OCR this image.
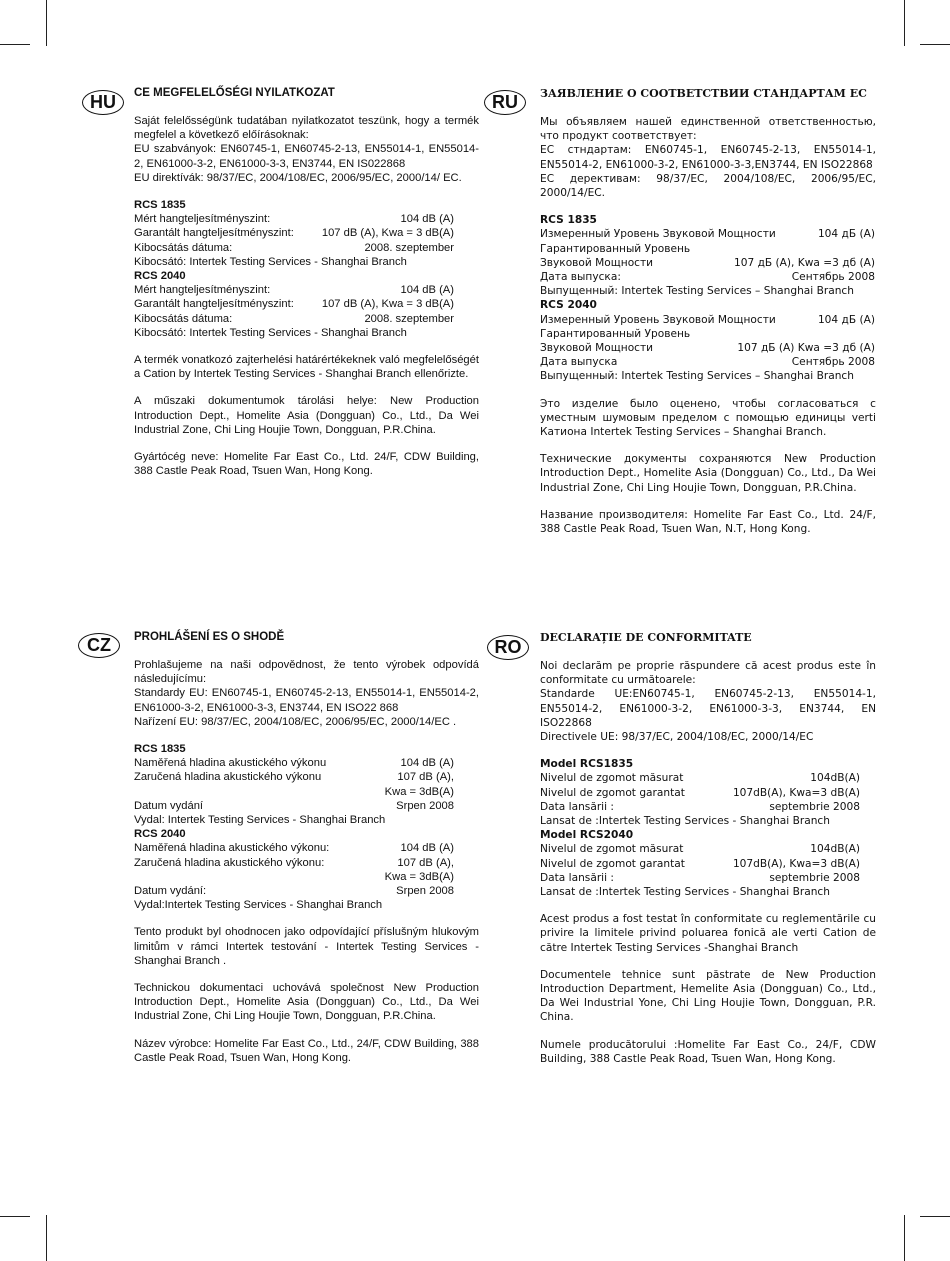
HU	RU
CZ	RO
CE MEGFELELŐSÉGI NYILATKOZAT
Saját felelősségünk tudatában nyilatkozatot teszünk, hogy a termék megfelel a következő előírásoknak:
EU szabványok: EN60745-1, EN60745-2-13, EN55014-1, EN55014-2, EN61000-3-2, EN61000-3-3, EN3744, EN IS022868
EU direktívák: 98/37/EC, 2004/108/EC, 2006/95/EC, 2000/14/ EC.
RCS 1835
Mért hangteljesítményszint:	104 dB (A)
Garantált hangteljesítményszint:	107 dB (A), Kwa = 3 dB(A)
Kibocsátás dátuma:	2008. szeptember
Kibocsátó: Intertek Testing Services - Shanghai Branch
RCS 2040
Mért hangteljesítményszint:	104 dB (A)
Garantált hangteljesítményszint:	107 dB (A), Kwa = 3 dB(A)
Kibocsátás dátuma:	2008. szeptember
Kibocsátó: Intertek Testing Services - Shanghai Branch
A termék vonatkozó zajterhelési határértékeknek való megfelelőségét a Cation by Intertek Testing Services - Shanghai Branch ellenőrizte.
A műszaki dokumentumok tárolási helye: New Production Introduction Dept., Homelite Asia (Dongguan) Co., Ltd., Da Wei Industrial Zone, Chi Ling Houjie Town, Dongguan, P.R.China.
Gyártócég neve: Homelite Far East Co., Ltd. 24/F, CDW Building, 388 Castle Peak Road, Tsuen Wan, Hong Kong.
ЗАЯВЛЕНИЕ О СООТВЕТСТВИИ СТАНДАРТАМ ЕС
Мы объявляем нашей единственной ответственностью, что продукт соответствует:
ЕС стндартам: EN60745-1, EN60745-2-13, EN55014-1, EN55014-2, EN61000-3-2, EN61000-3-3,EN3744, EN ISO22868
ЕС дерективам: 98/37/EC, 2004/108/EC, 2006/95/EC, 2000/14/EC.
RCS 1835
Измеренный Уровень Звуковой Мощности	104 дБ (А)
Гарантированный Уровень
Звуковой Мощности	107 дБ (А), Kwa =3 дб (А)
Дата выпуска:	Сентябрь 2008
Выпущенный: Intertek Testing Services – Shanghai Branch
RCS 2040
Измеренный Уровень Звуковой Мощности	104 дБ (А)
Гарантированный Уровень
Звуковой Мощности	107 дБ (А) Kwa =3 дб (А)
Дата выпуска	Сентябрь 2008
Выпущенный: Intertek Testing Services – Shanghai Branch
Это изделие было оценено, чтобы согласоваться с уместным шумовым пределом с помощью единицы verti Катиона Intertek Testing Services – Shanghai Branch.
Технические документы сохраняются New Production Introduction Dept., Homelite Asia (Dongguan) Co., Ltd., Da Wei Industrial Zone, Chi Ling Houjie Town, Dongguan, P.R.China.
Название производителя: Homelite Far East Co., Ltd. 24/F, 388 Castle Peak Road, Tsuen Wan, N.T, Hong Kong.
PROHLÁŠENÍ ES O SHODĚ
Prohlašujeme na naši odpovědnost, že tento výrobek odpovídá následujícímu:
Standardy EU: EN60745-1, EN60745-2-13, EN55014-1, EN55014-2, EN61000-3-2, EN61000-3-3, EN3744, EN ISO22 868
Nařízení EU: 98/37/EC, 2004/108/EC, 2006/95/EC, 2000/14/EC .
RCS 1835
Naměřená hladina akustického výkonu	104 dB (A)
Zaručená hladina akustického výkonu	107 dB (A),
Kwa = 3dB(A)
Datum vydání	Srpen 2008
Vydal: Intertek Testing Services - Shanghai Branch
RCS 2040
Naměřená hladina akustického výkonu:	104 dB (A)
Zaručená hladina akustického výkonu:	107 dB (A),
Kwa = 3dB(A)
Datum vydání:	Srpen 2008
Vydal:Intertek Testing Services - Shanghai Branch
Tento produkt byl ohodnocen jako odpovídající příslušným hlukovým limitům v rámci Intertek testování - Intertek Testing Services - Shanghai Branch .
Technickou dokumentaci uchovává společnost New Production Introduction Dept., Homelite Asia (Dongguan) Co., Ltd., Da Wei Industrial Zone, Chi Ling Houjie Town, Dongguan, P.R.China.
Název výrobce: Homelite Far East Co., Ltd., 24/F, CDW Building, 388 Castle Peak Road, Tsuen Wan, Hong Kong.
DECLARAȚIE DE CONFORMITATE
Noi declarăm pe proprie răspundere că acest produs este în conformitate cu următoarele:
Standarde UE:EN60745-1, EN60745-2-13, EN55014-1, EN55014-2, EN61000-3-2, EN61000-3-3, EN3744, EN ISO22868
Directivele UE: 98/37/EC, 2004/108/EC, 2000/14/EC
Model RCS1835
Nivelul de zgomot măsurat	104dB(A)
Nivelul de zgomot garantat	107dB(A), Kwa=3 dB(A)
Data lansării :	septembrie 2008
Lansat de :Intertek Testing Services - Shanghai Branch
Model RCS2040
Nivelul de zgomot măsurat	104dB(A)
Nivelul de zgomot garantat	107dB(A), Kwa=3 dB(A)
Data lansării :	septembrie 2008
Lansat de :Intertek Testing Services - Shanghai Branch
Acest produs a fost testat în conformitate cu reglementările cu privire la limitele privind poluarea fonică ale verti Cation de către Intertek Testing Services -Shanghai Branch
Documentele tehnice sunt păstrate de New Production Introduction Department, Hemelite Asia (Dongguan) Co., Ltd., Da Wei Industrial Yone, Chi Ling Houjie Town, Dongguan, P.R. China.
Numele producătorului :Homelite Far East Co., 24/F, CDW Building, 388 Castle Peak Road, Tsuen Wan, Hong Kong.
